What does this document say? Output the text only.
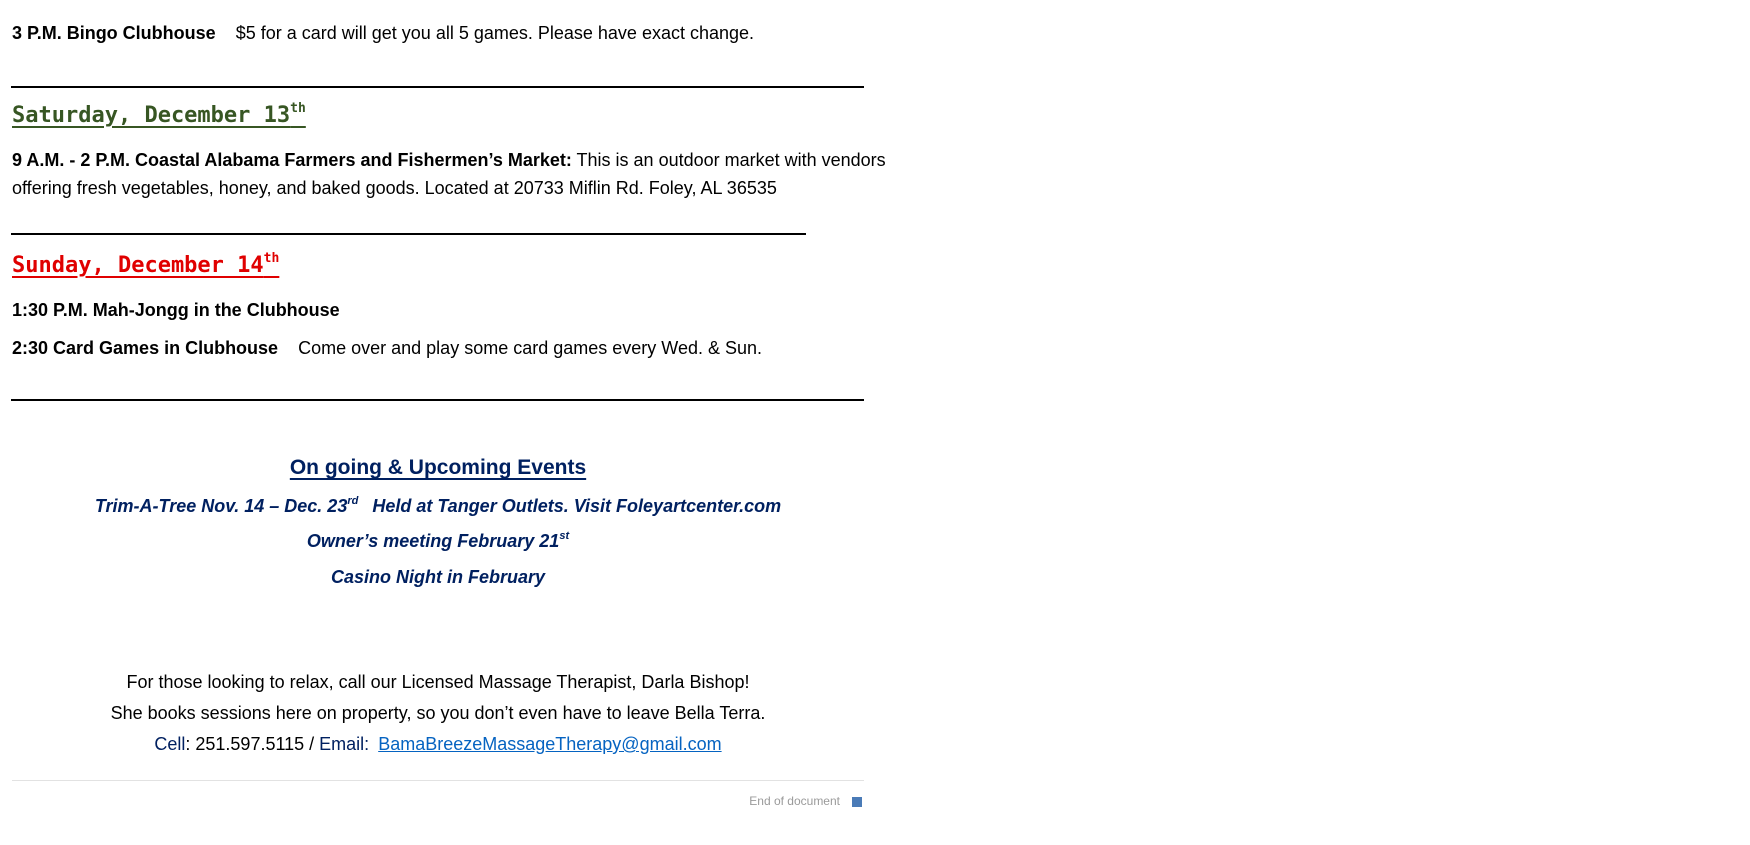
3 P.M. Bingo Clubhouse $5 for a card will get you all 5 games. Please have exact change.
Saturday, December 13th
9 A.M. - 2 P.M. Coastal Alabama Farmers and Fishermen’s Market: This is an outdoor market with vendors
offering fresh vegetables, honey, and baked goods. Located at 20733 Miflin Rd. Foley, AL 36535
Sunday, December 14th
1:30 P.M. Mah-Jongg in the Clubhouse
2:30 Card Games in Clubhouse Come over and play some card games every Wed. & Sun.
On going & Upcoming Events
Trim-A-Tree Nov. 14 – Dec. 23rd Held at Tanger Outlets. Visit Foleyartcenter.com
Owner’s meeting February 21st
Casino Night in February
For those looking to relax, call our Licensed Massage Therapist, Darla Bishop!
She books sessions here on property, so you don’t even have to leave Bella Terra.
Cell: 251.597.5115 / Email: BamaBreezeMassageTherapy@gmail.com
End of document
